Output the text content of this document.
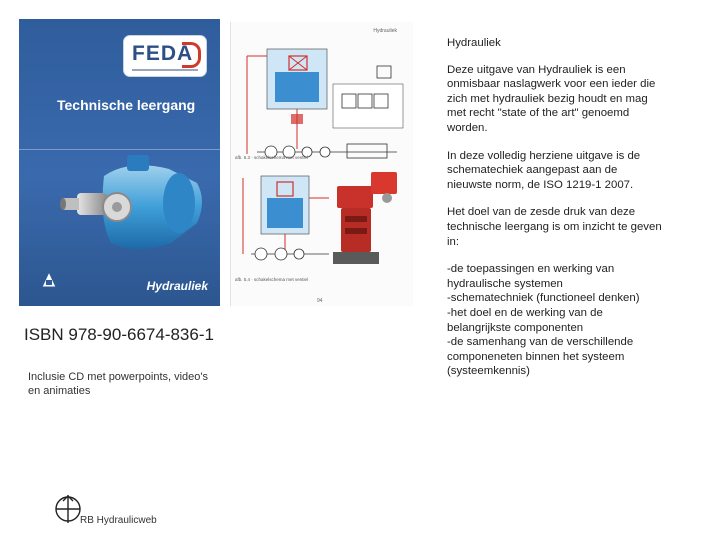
FEDA
Technische leergang
Hydrauliek
Hydrauliek
afb. 5.3 · schakelschema met ventiel
afb. 5.4 · schakelschema met ventiel
94
ISBN 978-90-6674-836-1
Inclusie CD met powerpoints, video's en animaties
RB Hydraulicweb
Hydrauliek

Deze uitgave van Hydrauliek is een onmisbaar naslagwerk voor een ieder die zich met hydrauliek bezig houdt en mag met recht "state of the art" genoemd worden.

In deze volledig herziene uitgave is de schematechiek aangepast aan de nieuwste norm, de ISO 1219-1 2007.

Het doel van de zesde druk van deze technische leergang is om inzicht te geven in:

-de toepassingen en werking van hydraulische systemen
-schematechniek (functioneel denken)
-het doel en de werking van de belangrijkste componenten
-de samenhang van de verschillende componeneten binnen het systeem (systeemkennis)
